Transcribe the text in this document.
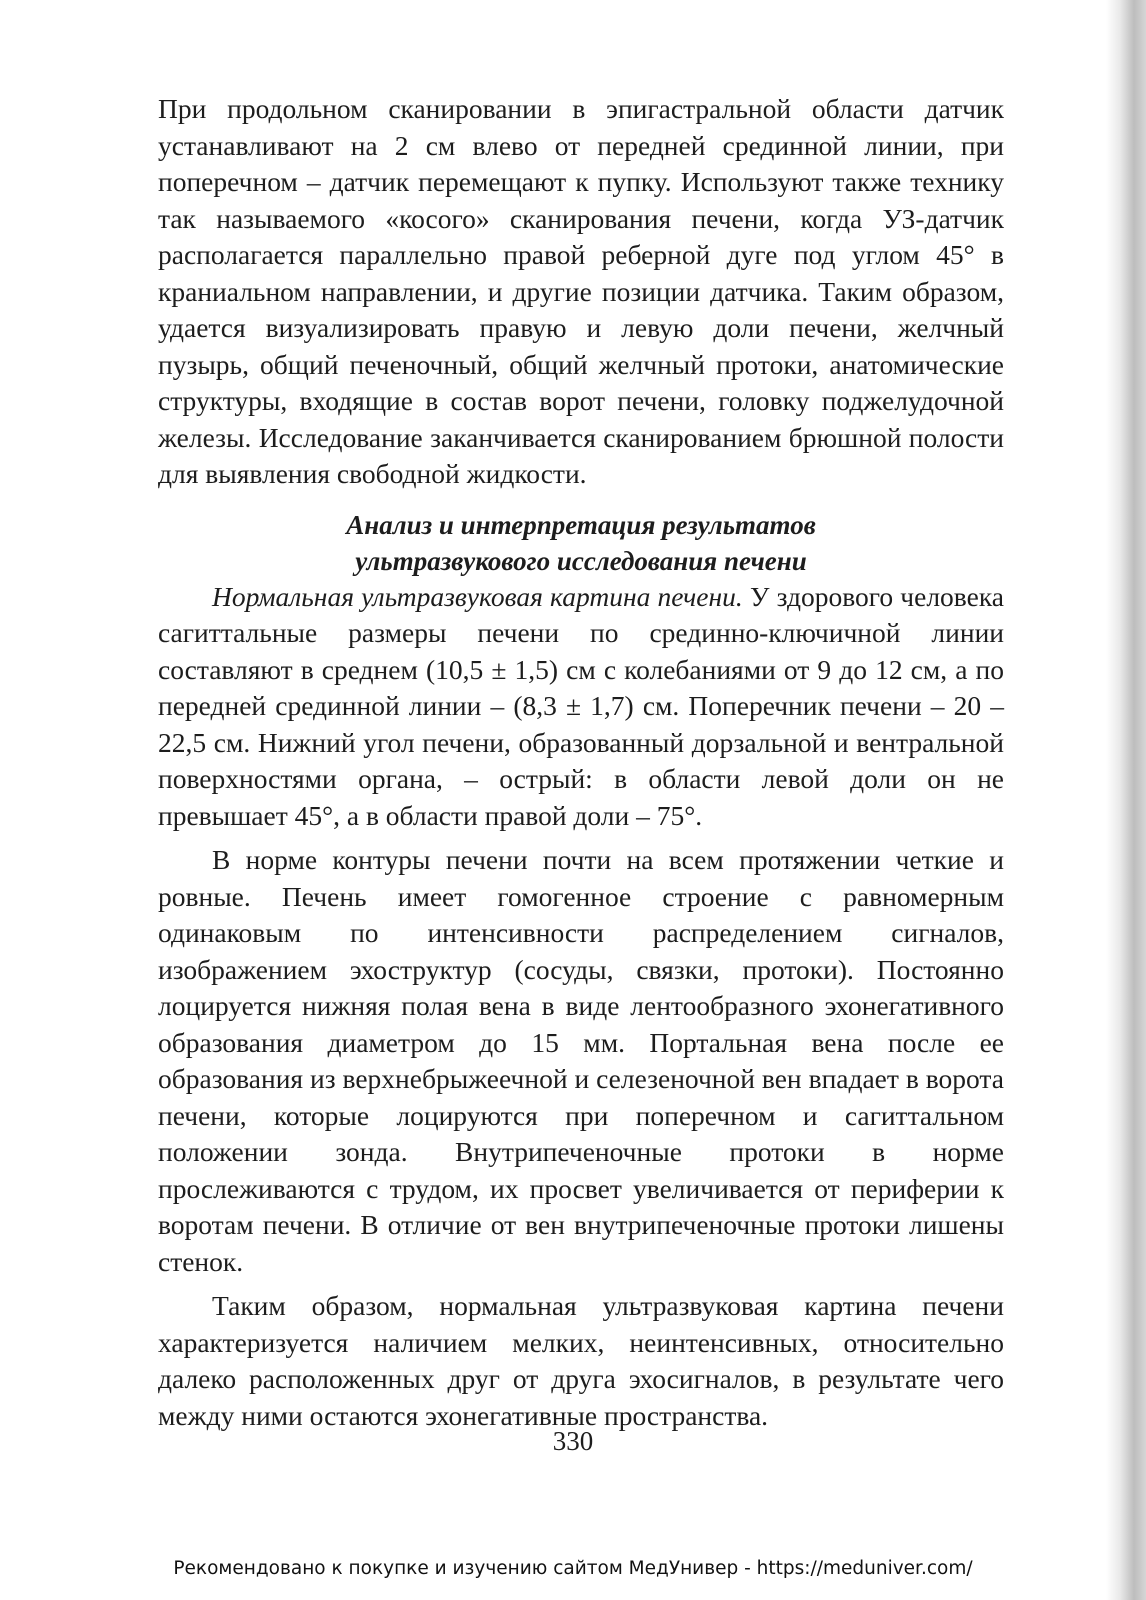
При продольном сканировании в эпигастральной области датчик устанавливают на 2 см влево от передней срединной линии, при поперечном – датчик перемещают к пупку. Используют также технику так называемого «косого» сканирования печени, когда УЗ-датчик располагается параллельно правой реберной дуге под углом 45° в краниальном направлении, и другие позиции датчика. Таким образом, удается визуализировать правую и левую доли печени, желчный пузырь, общий печеночный, общий желчный протоки, анатомические структуры, входящие в состав ворот печени, головку поджелудочной железы. Исследование заканчивается сканированием брюшной полости для выявления свободной жидкости.

Анализ и интерпретация результатов
ультразвукового исследования печени

Нормальная ультразвуковая картина печени. У здорового человека сагиттальные размеры печени по срединно-ключичной линии составляют в среднем (10,5 ± 1,5) см с колебаниями от 9 до 12 см, а по передней срединной линии – (8,3 ± 1,7) см. Поперечник печени – 20 – 22,5 см. Нижний угол печени, образованный дорзальной и вентральной поверхностями органа, – острый: в области левой доли он не превышает 45°, а в области правой доли – 75°.

В норме контуры печени почти на всем протяжении четкие и ровные. Печень имеет гомогенное строение с равномерным одинаковым по интенсивности распределением сигналов, изображением эхоструктур (сосуды, связки, протоки). Постоянно лоцируется нижняя полая вена в виде лентообразного эхонегативного образования диаметром до 15 мм. Портальная вена после ее образования из верхнебрыжеечной и селезеночной вен впадает в ворота печени, которые лоцируются при поперечном и сагиттальном положении зонда. Внутрипеченочные протоки в норме прослеживаются с трудом, их просвет увеличивается от периферии к воротам печени. В отличие от вен внутрипеченочные протоки лишены стенок.

Таким образом, нормальная ультразвуковая картина печени характеризуется наличием мелких, неинтенсивных, относительно далеко расположенных друг от друга эхосигналов, в результате чего между ними остаются эхонегативные пространства.

330
Рекомендовано к покупке и изучению сайтом МедУнивер - https://meduniver.com/
